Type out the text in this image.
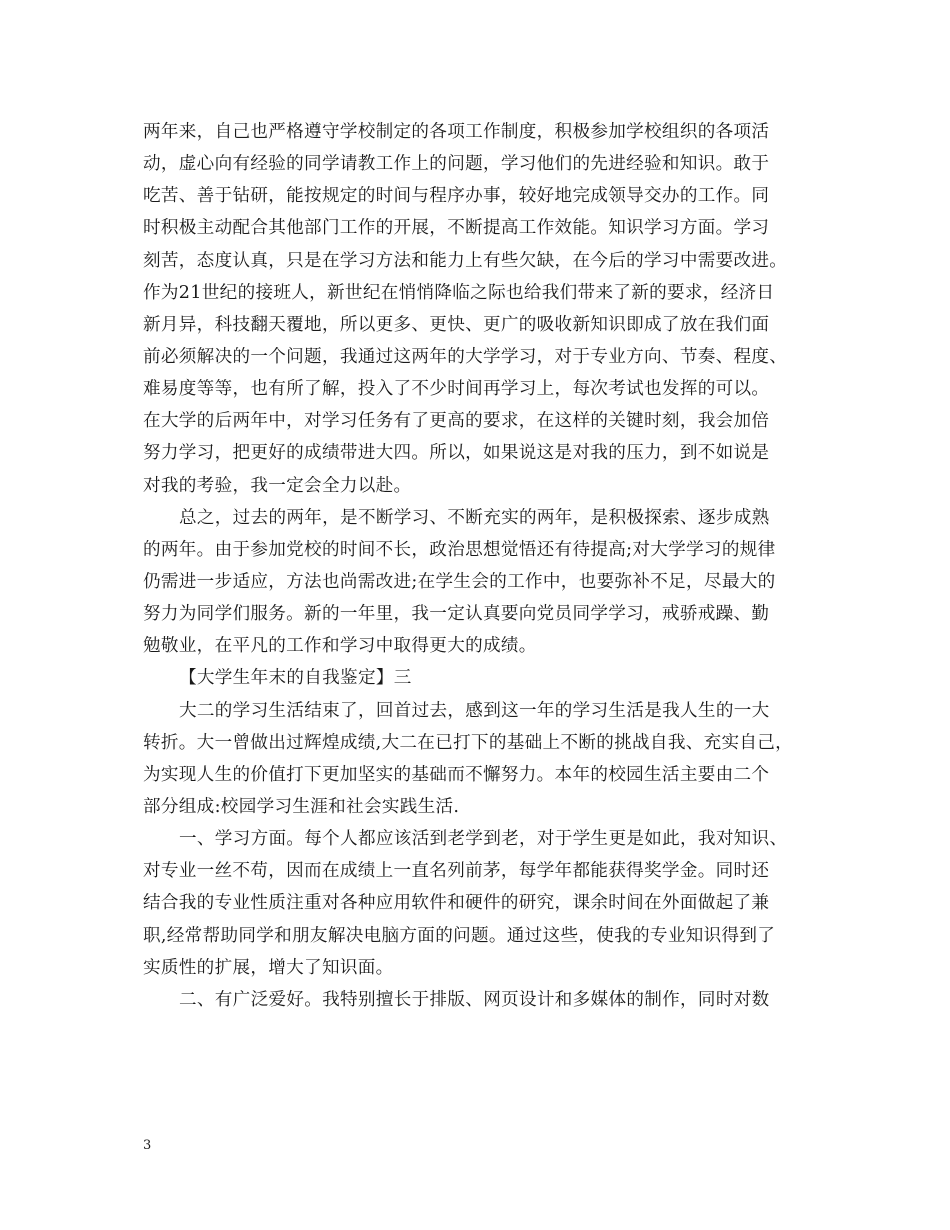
两年来，自己也严格遵守学校制定的各项工作制度，积极参加学校组织的各项活
动，虚心向有经验的同学请教工作上的问题，学习他们的先进经验和知识。敢于
吃苦、善于钻研，能按规定的时间与程序办事，较好地完成领导交办的工作。同
时积极主动配合其他部门工作的开展，不断提高工作效能。知识学习方面。学习
刻苦，态度认真，只是在学习方法和能力上有些欠缺，在今后的学习中需要改进。
作为21世纪的接班人，新世纪在悄悄降临之际也给我们带来了新的要求，经济日
新月异，科技翻天覆地，所以更多、更快、更广的吸收新知识即成了放在我们面
前必须解决的一个问题，我通过这两年的大学学习，对于专业方向、节奏、程度、
难易度等等，也有所了解，投入了不少时间再学习上，每次考试也发挥的可以。
在大学的后两年中，对学习任务有了更高的要求，在这样的关键时刻，我会加倍
努力学习，把更好的成绩带进大四。所以，如果说这是对我的压力，到不如说是
对我的考验，我一定会全力以赴。
总之，过去的两年，是不断学习、不断充实的两年，是积极探索、逐步成熟
的两年。由于参加党校的时间不长，政治思想觉悟还有待提高;对大学学习的规律
仍需进一步适应，方法也尚需改进;在学生会的工作中，也要弥补不足，尽最大的
努力为同学们服务。新的一年里，我一定认真要向党员同学学习，戒骄戒躁、勤
勉敬业，在平凡的工作和学习中取得更大的成绩。
【大学生年末的自我鉴定】三
大二的学习生活结束了，回首过去，感到这一年的学习生活是我人生的一大
转折。大一曾做出过辉煌成绩,大二在已打下的基础上不断的挑战自我、充实自己，
为实现人生的价值打下更加坚实的基础而不懈努力。本年的校园生活主要由二个
部分组成:校园学习生涯和社会实践生活.
一、学习方面。每个人都应该活到老学到老，对于学生更是如此，我对知识、
对专业一丝不苟，因而在成绩上一直名列前茅，每学年都能获得奖学金。同时还
结合我的专业性质注重对各种应用软件和硬件的研究，课余时间在外面做起了兼
职,经常帮助同学和朋友解决电脑方面的问题。通过这些，使我的专业知识得到了
实质性的扩展，增大了知识面。
二、有广泛爱好。我特别擅长于排版、网页设计和多媒体的制作，同时对数
3
